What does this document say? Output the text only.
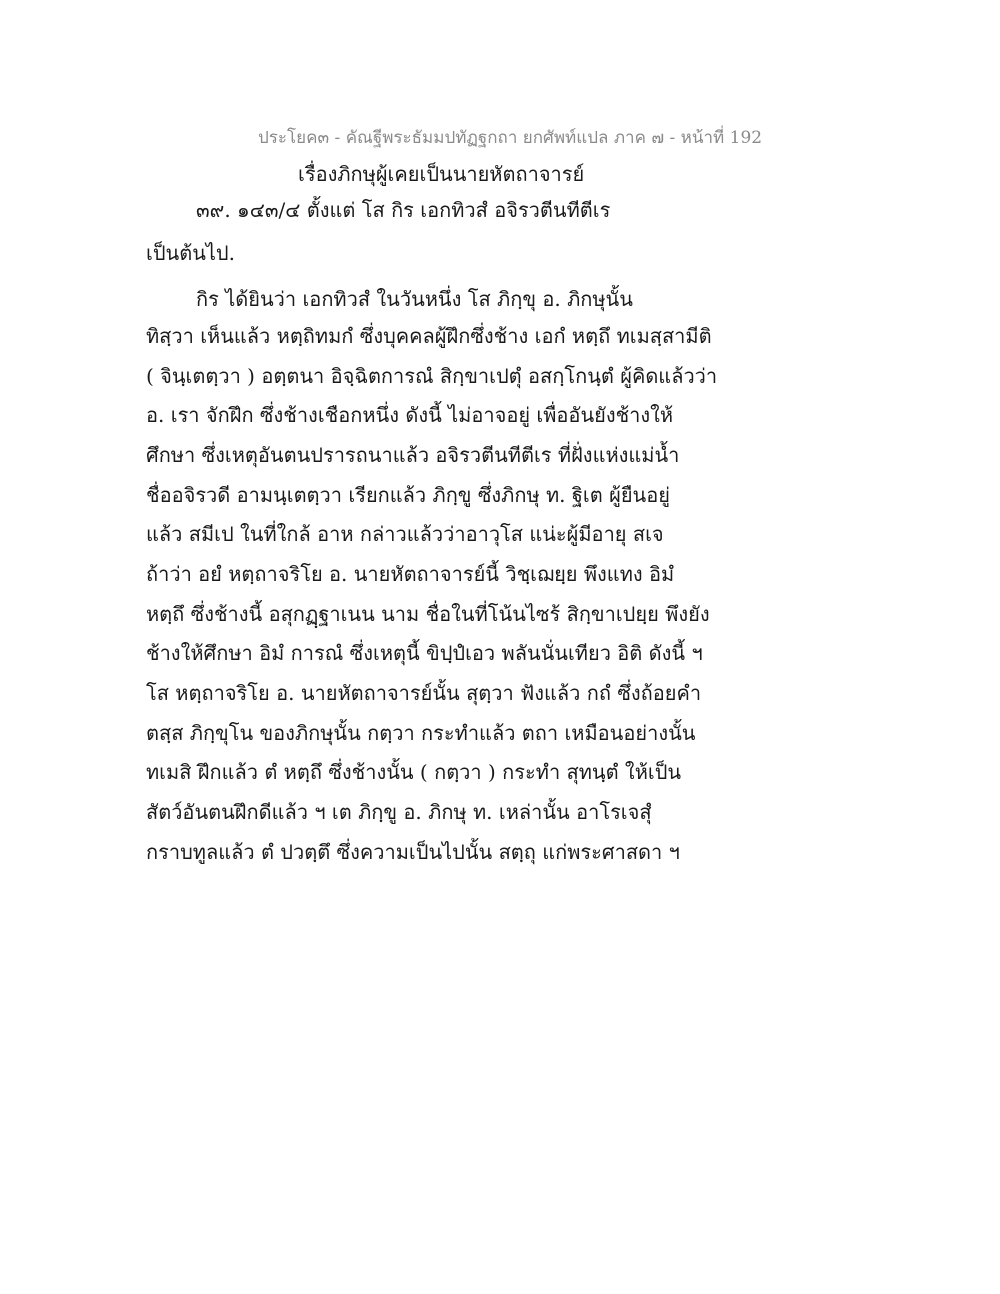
ประโยค๓ - คัณฐีพระธัมมปทัฏฐกถา ยกศัพท์แปล ภาค ๗ - หน้าที่ 192
เรื่องภิกษุผู้เคยเป็นนายหัตถาจารย์
๓๙. ๑๔๓/๔ ตั้งแต่ โส กิร เอกทิวสํ อจิรวตีนทีตีเร
เป็นต้นไป.
กิร ได้ยินว่า เอกทิวสํ ในวันหนึ่ง โส ภิกฺขุ อ. ภิกษุนั้น
ทิสฺวา เห็นแล้ว หตฺถิทมกํ ซึ่งบุคคลผู้ฝึกซึ่งช้าง เอกํ หตฺถึ ทเมสฺสามีติ
( จินฺเตตฺวา ) อตฺตนา อิจฺฉิตการณํ สิกฺขาเปตุํ อสกฺโกนฺตํ ผู้คิดแล้วว่า
อ. เรา จักฝึก ซึ่งช้างเชือกหนึ่ง ดังนี้ ไม่อาจอยู่ เพื่ออันยังช้างให้
ศึกษา ซึ่งเหตุอันตนปรารถนาแล้ว อจิรวตีนทีตีเร ที่ฝั่งแห่งแม่น้ำ
ชื่ออจิรวดี อามนฺเตตฺวา เรียกแล้ว ภิกฺขู ซึ่งภิกษุ ท. ฐิเต ผู้ยืนอยู่
แล้ว สมีเป ในที่ใกล้ อาห กล่าวแล้วว่าอาวุโส แน่ะผู้มีอายุ สเจ
ถ้าว่า อยํ หตฺถาจริโย อ. นายหัตถาจารย์นี้ วิชฺเฌยฺย พึงแทง อิมํ
หตฺถึ ซึ่งช้างนี้ อสุกฏฺฐาเนน นาม ชื่อในที่โน้นไซร้ สิกฺขาเปยฺย พึงยัง
ช้างให้ศึกษา อิมํ การณํ ซึ่งเหตุนี้ ขิปฺปํเอว พลันนั่นเทียว อิติ ดังนี้ ฯ
โส หตฺถาจริโย อ. นายหัตถาจารย์นั้น สุตฺวา ฟังแล้ว กถํ ซึ่งถ้อยคำ
ตสฺส ภิกฺขุโน ของภิกษุนั้น กตฺวา กระทำแล้ว ตถา เหมือนอย่างนั้น
ทเมสิ ฝึกแล้ว ตํ หตฺถึ ซึ่งช้างนั้น ( กตฺวา ) กระทำ สุทนฺตํ ให้เป็น
สัตว์อันตนฝึกดีแล้ว ฯ เต ภิกฺขู อ. ภิกษุ ท. เหล่านั้น อาโรเจสุํ
กราบทูลแล้ว ตํ ปวตฺตึ ซึ่งความเป็นไปนั้น สตฺถุ แก่พระศาสดา ฯ
